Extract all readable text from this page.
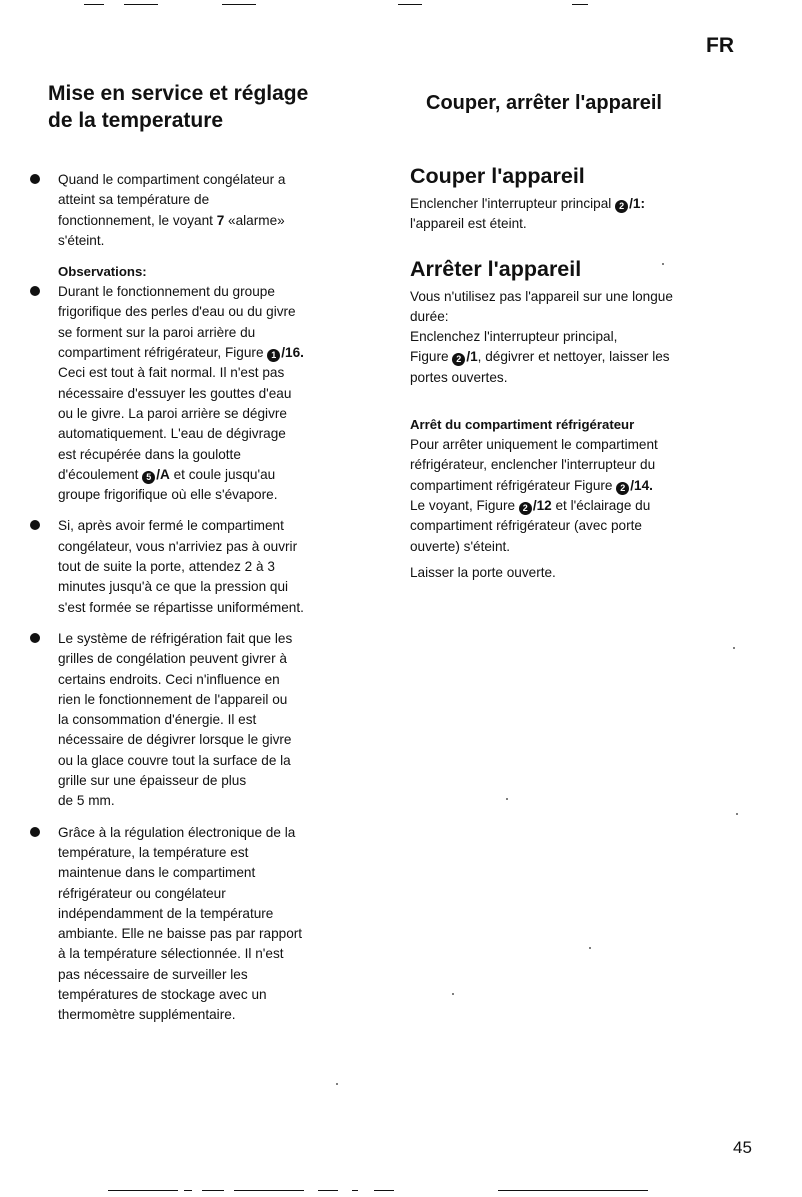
FR
Mise en service et réglage
de la temperature

Quand le compartiment congélateur a
atteint sa température de
fonctionnement, le voyant 7 «alarme»
s'éteint.

Observations:

Durant le fonctionnement du groupe
frigorifique des perles d'eau ou du givre
se forment sur la paroi arrière du
compartiment réfrigérateur, Figure 1 /16.
Ceci est tout à fait normal. Il n'est pas
nécessaire d'essuyer les gouttes d'eau
ou le givre. La paroi arrière se dégivre
automatiquement. L'eau de dégivrage
est récupérée dans la goulotte
d'écoulement 5 /A et coule jusqu'au
groupe frigorifique où elle s'évapore.

Si, après avoir fermé le compartiment
congélateur, vous n'arriviez pas à ouvrir
tout de suite la porte, attendez 2 à 3
minutes jusqu'à ce que la pression qui
s'est formée se répartisse uniformément.

Le système de réfrigération fait que les
grilles de congélation peuvent givrer à
certains endroits. Ceci n'influence en
rien le fonctionnement de l'appareil ou
la consommation d'énergie. Il est
nécessaire de dégivrer lorsque le givre
ou la glace couvre tout la surface de la
grille sur une épaisseur de plus
de 5 mm.

Grâce à la régulation électronique de la
température, la température est
maintenue dans le compartiment
réfrigérateur ou congélateur
indépendamment de la température
ambiante. Elle ne baisse pas par rapport
à la température sélectionnée. Il n'est
pas nécessaire de surveiller les
températures de stockage avec un
thermomètre supplémentaire.

Couper, arrêter l'appareil
Couper l'appareil

Enclencher l'interrupteur principal 2 /1:
l'appareil est éteint.

Arrêter l'appareil

Vous n'utilisez pas l'appareil sur une longue
durée:
Enclenchez l'interrupteur principal,
Figure 2 /1, dégivrer et nettoyer, laisser les
portes ouvertes.

Arrêt du compartiment réfrigérateur

Pour arrêter uniquement le compartiment
réfrigérateur, enclencher l'interrupteur du
compartiment réfrigérateur Figure 2 /14.
Le voyant, Figure 2 /12 et l'éclairage du
compartiment réfrigérateur (avec porte
ouverte) s'éteint.

Laisser la porte ouverte.

45
